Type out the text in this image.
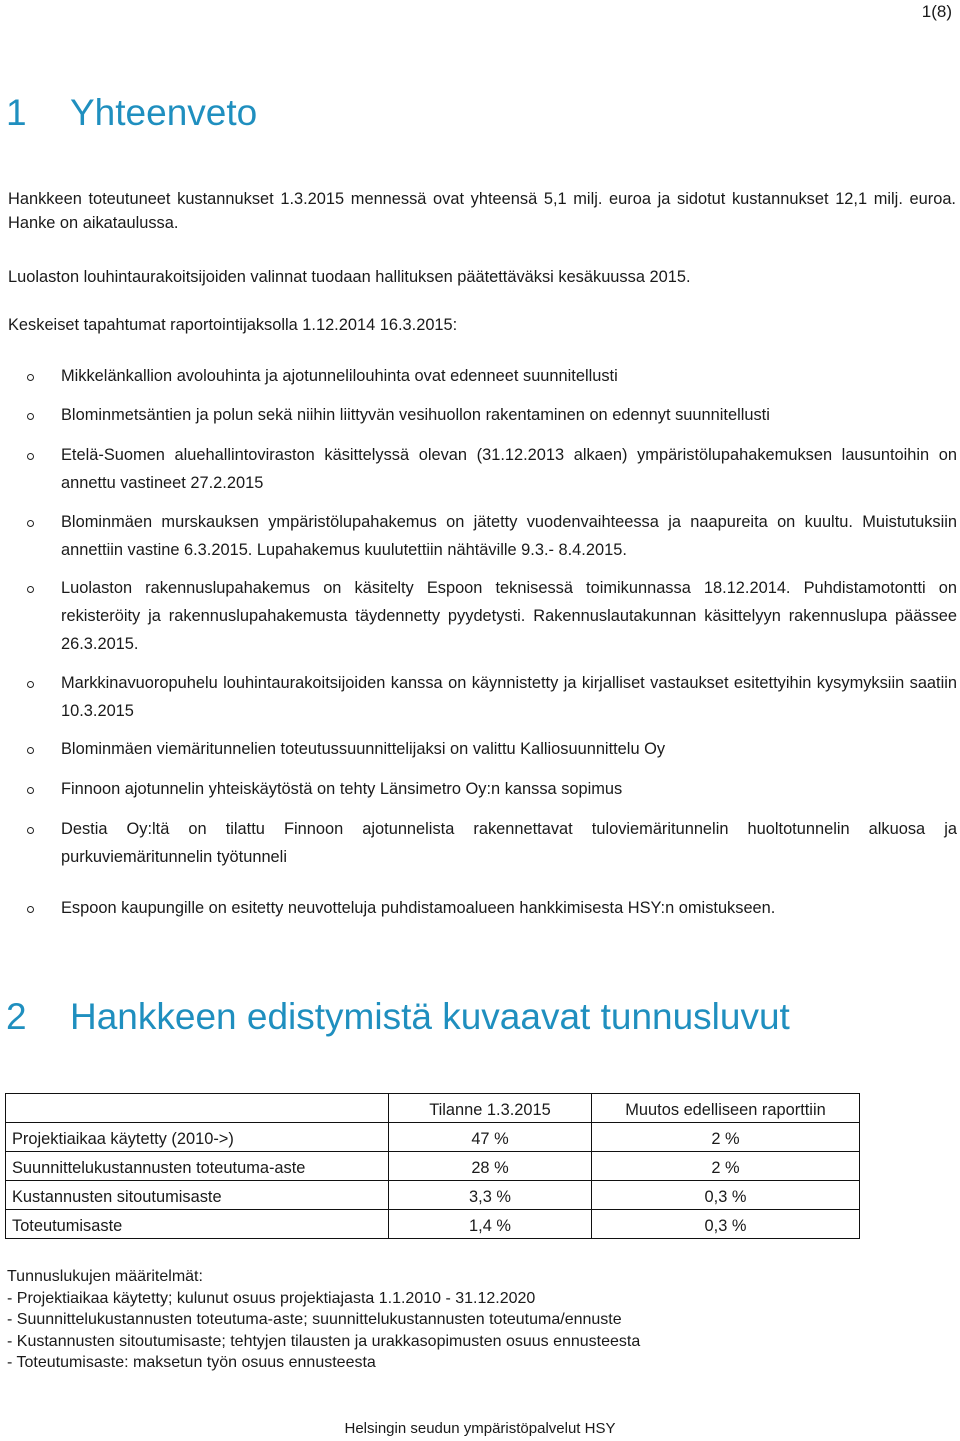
1(8)
1 Yhteenveto

Hankkeen toteutuneet kustannukset 1.3.2015 mennessä ovat yhteensä 5,1 milj. euroa ja sidotut kustannukset 12,1 milj. euroa. Hanke on aikataulussa.

Luolaston louhintaurakoitsijoiden valinnat tuodaan hallituksen päätettäväksi kesäkuussa 2015.

Keskeiset tapahtumat raportointijaksolla 1.12.2014 16.3.2015:

Mikkelänkallion avolouhinta ja ajotunnelilouhinta ovat edenneet suunnitellusti
Blominmetsäntien ja polun sekä niihin liittyvän vesihuollon rakentaminen on edennyt suunnitellusti
Etelä-Suomen aluehallintoviraston käsittelyssä olevan (31.12.2013 alkaen) ympäristölupahakemuksen lausuntoihin on annettu vastineet 27.2.2015
Blominmäen murskauksen ympäristölupahakemus on jätetty vuodenvaihteessa ja naapureita on kuultu. Muistutuksiin annettiin vastine 6.3.2015. Lupahakemus kuulutettiin nähtäville 9.3.- 8.4.2015.
Luolaston rakennuslupahakemus on käsitelty Espoon teknisessä toimikunnassa 18.12.2014. Puhdistamotontti on rekisteröity ja rakennuslupahakemusta täydennetty pyydetysti. Rakennuslautakunnan käsittelyyn rakennuslupa päässee 26.3.2015.
Markkinavuoropuhelu louhintaurakoitsijoiden kanssa on käynnistetty ja kirjalliset vastaukset esitettyihin kysymyksiin saatiin 10.3.2015
Blominmäen viemäritunnelien toteutussuunnittelijaksi on valittu Kalliosuunnittelu Oy
Finnoon ajotunnelin yhteiskäytöstä on tehty Länsimetro Oy:n kanssa sopimus
Destia Oy:ltä on tilattu Finnoon ajotunnelista rakennettavat tuloviemäritunnelin huoltotunnelin alkuosa ja purkuviemäritunnelin työtunneli
Espoon kaupungille on esitetty neuvotteluja puhdistamoalueen hankkimisesta HSY:n omistukseen.
2 Hankkeen edistymistä kuvaavat tunnusluvut
	Tilanne 1.3.2015	Muutos edelliseen raporttiin
Projektiaikaa käytetty (2010->)	47 %	2 %
Suunnittelukustannusten toteutuma-aste	28 %	2 %
Kustannusten sitoutumisaste	3,3 %	0,3 %
Toteutumisaste	1,4 %	0,3 %
Tunnuslukujen määritelmät:
- Projektiaikaa käytetty; kulunut osuus projektiajasta 1.1.2010 - 31.12.2020
- Suunnittelukustannusten toteutuma-aste; suunnittelukustannusten toteutuma/ennuste
- Kustannusten sitoutumisaste; tehtyjen tilausten ja urakkasopimusten osuus ennusteesta
- Toteutumisaste: maksetun työn osuus ennusteesta
Helsingin seudun ympäristöpalvelut HSY
